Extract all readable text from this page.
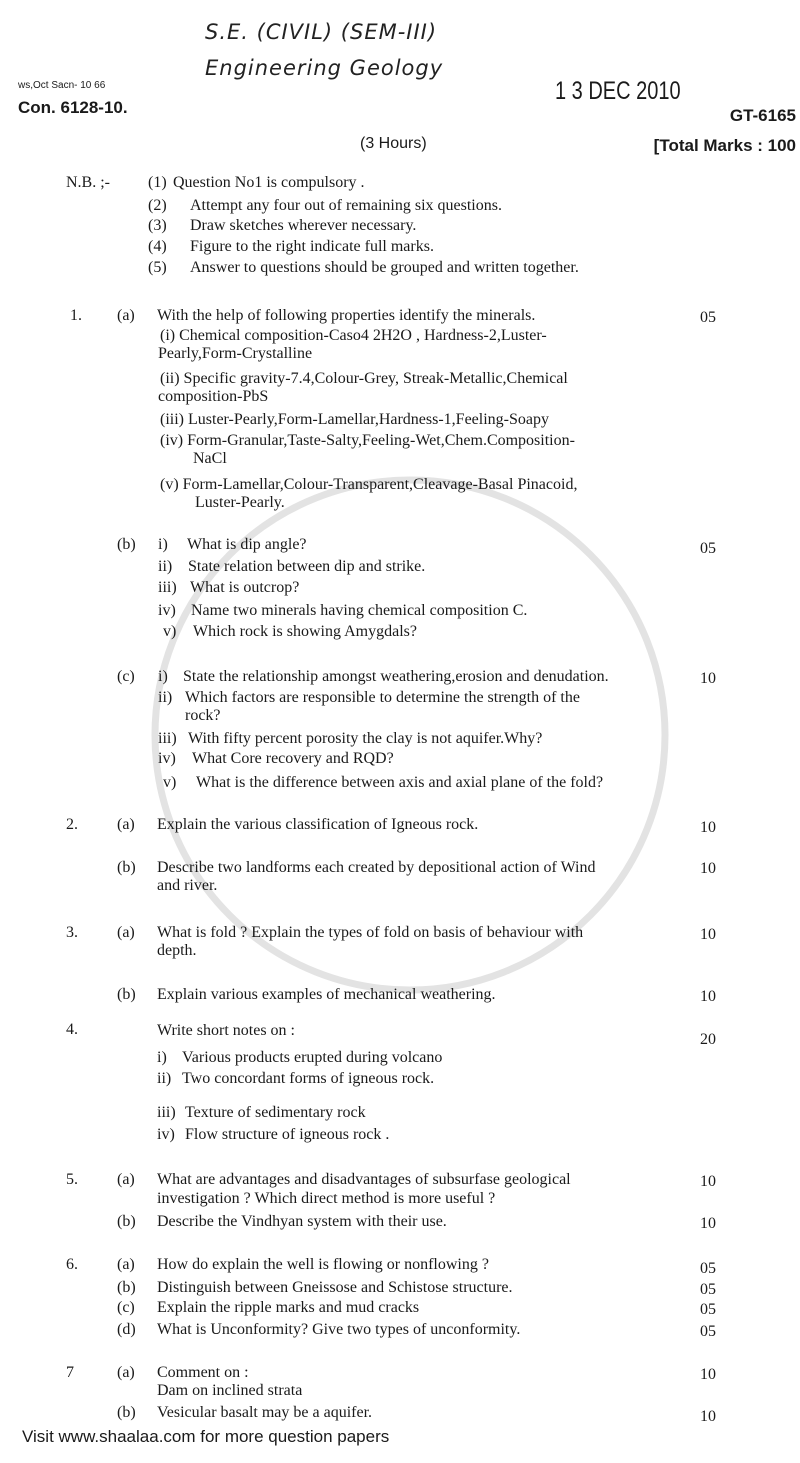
S.E. (CIVIL) (SEM-III)
Engineering Geology
1 3 DEC 2010
ws,Oct Sacn- 10 66
Con. 6128-10.	GT-6165
(3 Hours)	[Total Marks : 100
N.B. ;- (1) Question No1 is compulsory .
(2) Attempt any four out of remaining six questions.
(3) Draw sketches wherever necessary.
(4) Figure to the right indicate full marks.
(5) Answer to questions should be grouped and written together.
1. (a) With the help of following properties identify the minerals.	05
(i) Chemical composition-Caso4 2H2O , Hardness-2,Luster-
Pearly,Form-Crystalline
(ii) Specific gravity-7.4,Colour-Grey, Streak-Metallic,Chemical
composition-PbS
(iii) Luster-Pearly,Form-Lamellar,Hardness-1,Feeling-Soapy
(iv) Form-Granular,Taste-Salty,Feeling-Wet,Chem.Composition-
NaCl
(v) Form-Lamellar,Colour-Transparent,Cleavage-Basal Pinacoid,
Luster-Pearly.
(b)	05
i) What is dip angle?
ii) State relation between dip and strike.
iii) What is outcrop?
iv) Name two minerals having chemical composition C.
v) Which rock is showing Amygdals?
(c)	10
i) State the relationship amongst weathering,erosion and denudation.
ii) Which factors are responsible to determine the strength of the
rock?
iii) With fifty percent porosity the clay is not aquifer.Why?
iv) What Core recovery and RQD?
v) What is the difference between axis and axial plane of the fold?
2. (a) Explain the various classification of Igneous rock.	10
(b) Describe two landforms each created by depositional action of Wind
and river.
10
3. (a) What is fold ? Explain the types of fold on basis of behaviour with
depth.
10
(b) Explain various examples of mechanical weathering.	10
4.	Write short notes on :
20
i) Various products erupted during volcano
ii) Two concordant forms of igneous rock.
iii) Texture of sedimentary rock
iv) Flow structure of igneous rock .
5. (a) What are advantages and disadvantages of subsurfase geological
investigation ? Which direct method is more useful ?
10
(b) Describe the Vindhyan system with their use.	10
6. (a) How do explain the well is flowing or nonflowing ?	05
(b) Distinguish between Gneissose and Schistose structure.	05
(c) Explain the ripple marks and mud cracks	05
(d) What is Unconformity? Give two types of unconformity.	05
7	(a) Comment on :
Dam on inclined strata
10
(b) Vesicular basalt may be a aquifer.	10
Visit www.shaalaa.com for more question papers
